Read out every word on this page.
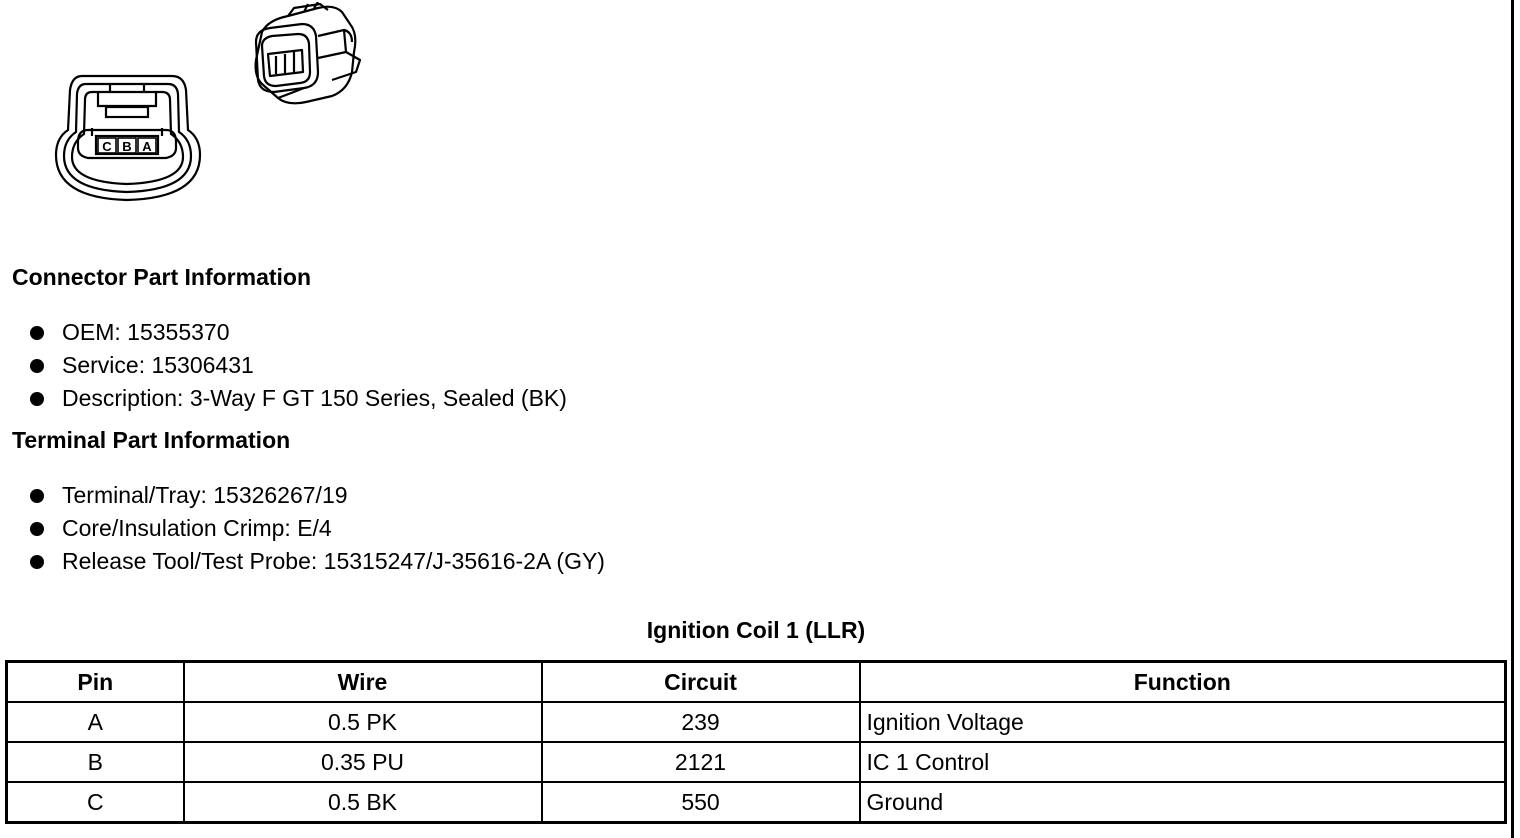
C B A
Connector Part Information
OEM: 15355370
Service: 15306431
Description: 3-Way F GT 150 Series, Sealed (BK)
Terminal Part Information
Terminal/Tray: 15326267/19
Core/Insulation Crimp: E/4
Release Tool/Test Probe: 15315247/J-35616-2A (GY)
Ignition Coil 1 (LLR)
Pin	Wire	Circuit	Function
A	0.5 PK	239	Ignition Voltage
B	0.35 PU	2121	IC 1 Control
C	0.5 BK	550	Ground
